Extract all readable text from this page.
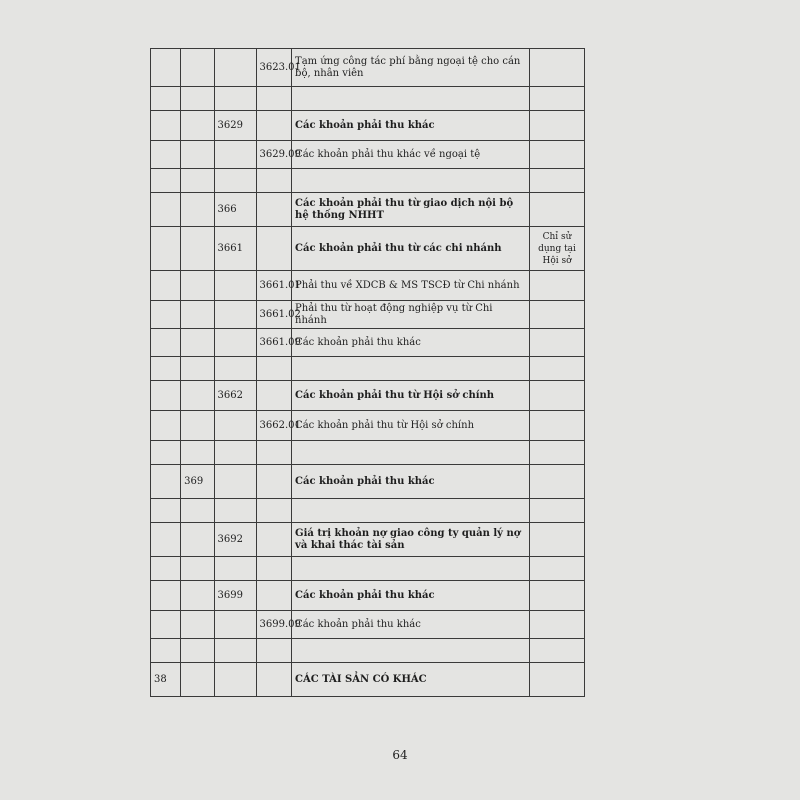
			3623.01	Tạm ứng công tác phí bằng ngoại tệ cho cán bộ, nhân viên	

		3629		Các khoản phải thu khác	
			3629.09	Các khoản phải thu khác về ngoại tệ	

		366		Các khoản phải thu từ giao dịch nội bộ hệ thống NHHT	
		3661		Các khoản phải thu từ các chi nhánh	Chỉ sử dụng tại Hội sở
			3661.01	Phải thu về XDCB & MS TSCĐ từ Chi nhánh	
			3661.02	Phải thu từ hoạt động nghiệp vụ từ Chi nhánh	
			3661.09	Các khoản phải thu khác	

		3662		Các khoản phải thu từ Hội sở chính	
			3662.01	Các khoản phải thu từ Hội sở chính	

	369			Các khoản phải thu khác	

		3692		Giá trị khoản nợ giao công ty quản lý nợ và khai thác tài sản	

		3699		Các khoản phải thu khác	
			3699.09	Các khoản phải thu khác	

38				CÁC TÀI SẢN CÓ KHÁC	
64
